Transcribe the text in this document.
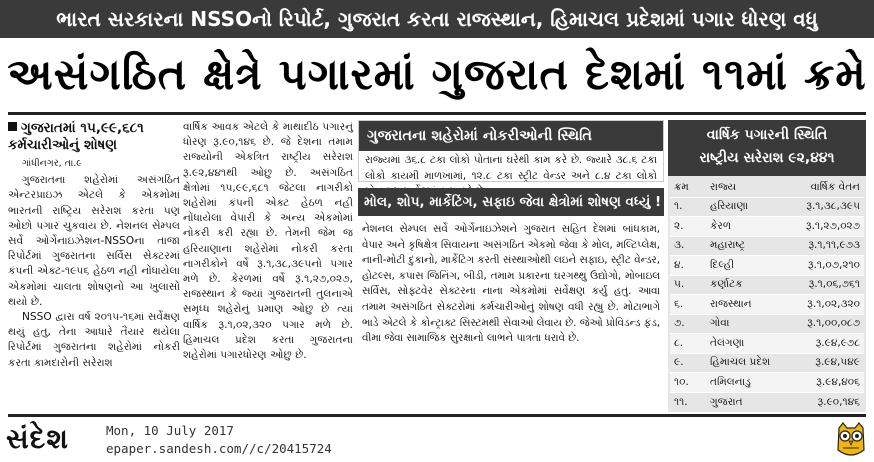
ભારત સરકારના NSSOનો રિપોર્ટ, ગુજરાત કરતા રાજસ્થાન, હિમાચલ પ્રદેશમાં પગાર ધોરણ વધુ
અસંગઠિત ક્ષેત્રે પગારમાં ગુજરાત દેશમાં ૧૧માં ક્રમે
ગુજરાતમાં ૧૫,૯૯,૬૮૧ કર્મચારીઓનું શોષણ
ગાંધીનગર, તા.૯

ગુજરાતના શહેરોમાં અસંગઠિત એન્ટરપ્રાઇઝ એટલે કે એકમોમાં ભારતની રાષ્ટ્રિય સરેરાશ કરતા પણ ઓછો પગાર ચુકવાય છે. નેશનલ સેમ્પલ સર્વે ઓર્ગેનાઇઝેશન-NSSOના તાજા રિપોર્ટમાં ગુજરાતના સર્વિસ સેક્ટરમાં કંપની એક્ટ-૧૯૫૬ હેઠળ નહી નોંધાયેલા એકમોમાં ચાલતા શોષણનો આ ખુલાસો થયો છે.

NSSO દ્વારા વર્ષ ૨૦૧૫-૧૬માં સર્વેક્ષણ થયું હતુ, તેના આધારે તૈયાર થયેલા રિપોર્ટમાં ગુજરાતના શહેરોમાં નોકરી કરતા કામદારોની સરેરાશ

વાર્ષિક આવક એટલે કે માથાદીઠ પગારનું ધોરણ રૂ.૯૦,૧૪૬ છે. જે દેશના તમામ રાજ્યોની એકત્રિત રાષ્ટ્રીય સરેરાશ રૂ.૯૨,૪૪૧થી ઓછુ છે. અસંગઠિત ક્ષેત્રોમાં ૧૫,૯૯,૬૮૧ જેટલા નાગરીકો શહેરોમાં કંપની એક્ટ હેઠળ નહી નોંધાયેલા વેપારી કે અન્ય એકમોમાં નોકરી કરી રહ્યા છે. તેમની જેમ જ હરિયાણાના શહેરોમાં નોકરી કરતા નાગરીકોને વર્ષે રૂ.૧,૩૮,૩૯૫નો પગાર મળે છે. કેરળમાં વર્ષે રૂ.૧,૨૭,૦૨૭, રાજસ્થાન કે જ્યાં ગુજરાતની તુલનાએ સમૃધ્ધ શહેરોનું પ્રમાણ ઓછુ છે ત્યાં વાર્ષિક રૂ.૧,૦૨,૩૨૦ પગાર મળે છે. હિમાચલ પ્રદેશ કરતા ગુજરાતના શહેરોમાં પગારધોરણ ઓછુ છે.

ગુજરાતના શહેરોમાં નોકરીઓની સ્થિતિ
રાજ્યમાં ૩૬.૮ ટકા લોકો પોતાના ઘરેથી કામ કરે છે. જ્યારે ૩૮.૬ ટકા લોકો કાયમી માળખામાં, ૧૨.૮ ટકા સ્ટ્રીટ વેન્ડર અને ૮.૪ ટકા લોકો
મોલ, શોપ, માર્કેટિંગ, સફાઇ જેવા ક્ષેત્રોમાં શોષણ વધ્યું !
નેશનલ સેમ્પલ સર્વે ઓર્ગેનાઇઝેશને ગુજરાત સહિત દેશમાં બાંધકામ, વેપાર અને કૃષિક્ષેત્ર સિવાયના અસંગઠિત એકમો જેવા કે મોલ, મલ્ટિપ્લેક્ષ, નાની-મોટી દુકાનો, માર્કેટિંગ કરતી સંસ્થાઓથી લઇને સફાઇ, સ્ટ્રીટ વેન્ડર, હોટલ્સ, કપાસ જિનિંગ, બીડી, તમામ પ્રકારના ઘરગથ્થુ ઉદ્યોગો, મોબાઇલ સર્વિસ, સોફ્ટવેર સેક્ટરના નાના એકમોમાં સર્વેક્ષણ કર્યું હતુ. આવા તમામ અસંગઠિત સેક્ટરોમાં કર્મચારીઓનું શોષણ વધી રહ્યુ છે. મોટાભાગે ભાડે એટલે કે કોન્ટ્રાક્ટ સિસ્ટમથી સેવાઓ લેવાય છે. જેઓ પ્રોવિડન્ડ ફંડ, વીમા જેવા સામાજિક સુરક્ષાનો લાભને પાત્રતા ધરાવે છે.
વાર્ષિક પગારની સ્થિતિ
રાષ્ટ્રીય સરેરાશ ૯૨,૪૪૧
ક્રમ	રાજ્ય	વાર્ષિક વેતન
૧.	હરિયાણા	રૂ.૧,૩૮,૩૯૫
૨.	કેરળ	રૂ.૧,૨૭,૦૨૭
૩.	મહારાષ્ટ્ર	રૂ.૧,૧૧,૯૭૩
૪.	દિલ્હી	રૂ.૧,૦૭,૨૧૦
૫.	કર્ણાટક	રૂ.૧,૦૬,૭૬૧
૬.	રાજસ્થાન	રૂ.૧,૦૨,૩૨૦
૭.	ગોવા	રૂ.૧,૦૦,૦૮૭
૮.	તેલંગણા	રૂ.૯૪,૯૭૮
૯.	હિમાચલ પ્રદેશ	રૂ.૯૪,૫૪૯
૧૦.	તમિલનાડુ	રૂ.૯૪,૪૦૬
૧૧.	ગુજરાત	રૂ.૯૦,૧૪૬
સંદેશ	Mon, 10 July 2017
epaper.sandesh.com//c/20415724
